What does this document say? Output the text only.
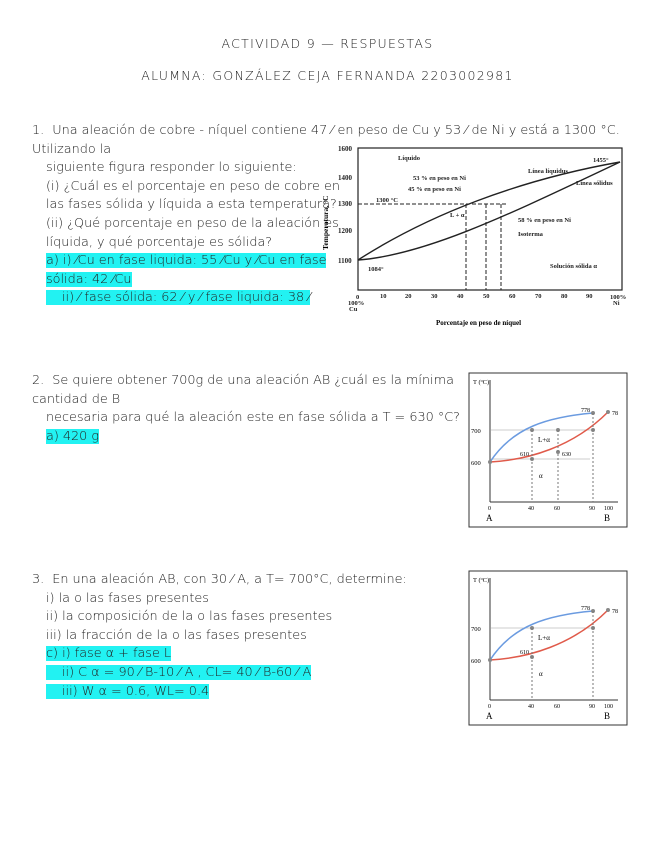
ACTIVIDAD 9 — RESPUESTAS
ALUMNA: GONZÁLEZ CEJA FERNANDA 2203002981

1. Una aleación de cobre - níquel contiene 47 ⁄ en peso de Cu y 53 ⁄ de Ni y está a 1300 °C. Utilizando la

siguiente figura responder lo siguiente:

(i) ¿Cuál es el porcentaje en peso de cobre en

las fases sólida y líquida a esta temperatura?

(ii) ¿Qué porcentaje en peso de la aleación es

líquida, y qué porcentaje es sólida?

a) i) ⁄Cu en fase liquida: 55 ⁄Cu y ⁄Cu en fase

sólida: 42 ⁄Cu

ii) ⁄ fase sólida: 62 ⁄ y ⁄ fase liquida: 38 ⁄

1600
1400
1300
1200
1100
Temperatura, °C
0	10	20	30	40	50	60	70	80	90
100%
Cu
100%
Ni
Porcentaje en peso de níquel
Líquido
Línea líquidus
Línea sólidus
53 % en peso en Ni
45 % en peso en Ni
58 % en peso en Ni
Isoterma
1300 °C
L + α
Solución sólida α
1455°
1084°

2. Se quiere obtener 700g de una aleación AB ¿cuál es la mínima cantidad de B

necesaria para qué la aleación este en fase sólida a T = 630 °C?

a) 420 g

T (ºC)
700
600
778	78
610	630
L+α
α
0	40	60	90 100
A	B

3. En una aleación AB, con 30 ⁄ A, a T= 700°C, determine:

i) la o las fases presentes

ii) la composición de la o las fases presentes

iii) la fracción de la o las fases presentes

c) i) fase α + fase L

ii) C α = 90 ⁄ B-10 ⁄ A , CL= 40 ⁄ B-60 ⁄ A

iii) W α = 0.6, WL= 0.4

T (ºC)
700
600
778	78
610
L+α
α
0	40	60	90 100
A	B
